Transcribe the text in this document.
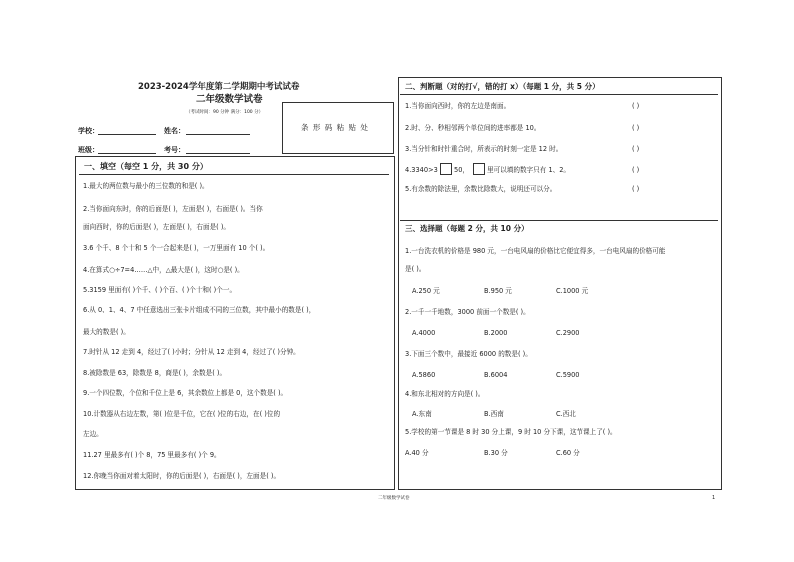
2023-2024学年度第二学期期中考试试卷
二年级数学试卷
（考试时间：90 分钟 满分：100 分）
学校：	姓名：
班级：	考号：
条 形 码 粘 贴 处
一、填空（每空 1 分，共 30 分）
1.最大的两位数与最小的三位数的和是( )。
2.当你面向东时，你的后面是( )，左面是( )，右面是( )。当你
面向西时，你的后面是( )，左面是( )，右面是( )。
3.6 个千、8 个十和 5 个一合起来是( )，一万里面有 10 个( )。
4.在算式○÷7=4……△中，△最大是( )，这时○是( )。
5.3159 里面有( )个千、( )个百、( )个十和( )个一。
6.从 0、1、4、7 中任意选出三张卡片组成不同的三位数，其中最小的数是( )，
最大的数是( )。
7.时针从 12 走到 4，经过了( )小时；分针从 12 走到 4，经过了( )分钟。
8.被除数是 63，除数是 8，商是( )，余数是( )。
9.一个四位数，个位和千位上是 6，其余数位上都是 0，这个数是( )。
10.计数器从右边左数，第( )位是千位，它在( )位的右边，在( )位的
左边。
11.27 里最多有( )个 8，75 里最多有( )个 9。
12.你晚当你面对着太阳时，你的后面是( )，右面是( )，左面是( )。
二、判断题（对的打√，错的打 x）（每题 1 分，共 5 分）
1.当你面向西时，你的左边是南面。	( )
2.时、分、秒相邻两个单位间的进率都是 10。	( )
3.当分针和时针重合时，所表示的时刻一定是 12 时。	( )
4.3340>3 50，	里可以填的数字只有 1、2。	( )
5.有余数的除法里，余数比除数大，说明还可以分。	( )
三、选择题（每题 2 分，共 10 分）
1.一台洗衣机的价格是 980 元，一台电风扇的价格比它便宜得多，一台电风扇的价格可能
是( )。
A.250 元	B.950 元	C.1000 元
2.一千一千地数，3000 前面一个数是( )。
A.4000	B.2000	C.2900
3.下面三个数中，最接近 6000 的数是( )。
A.5860	B.6004	C.5900
4.和东北相对的方向是( )。
A.东南	B.西南	C.西北
5.学校的第一节课是 8 时 30 分上课，9 时 10 分下课，这节课上了( )。
A.40 分	B.30 分	C.60 分
二年级数学试卷	1
